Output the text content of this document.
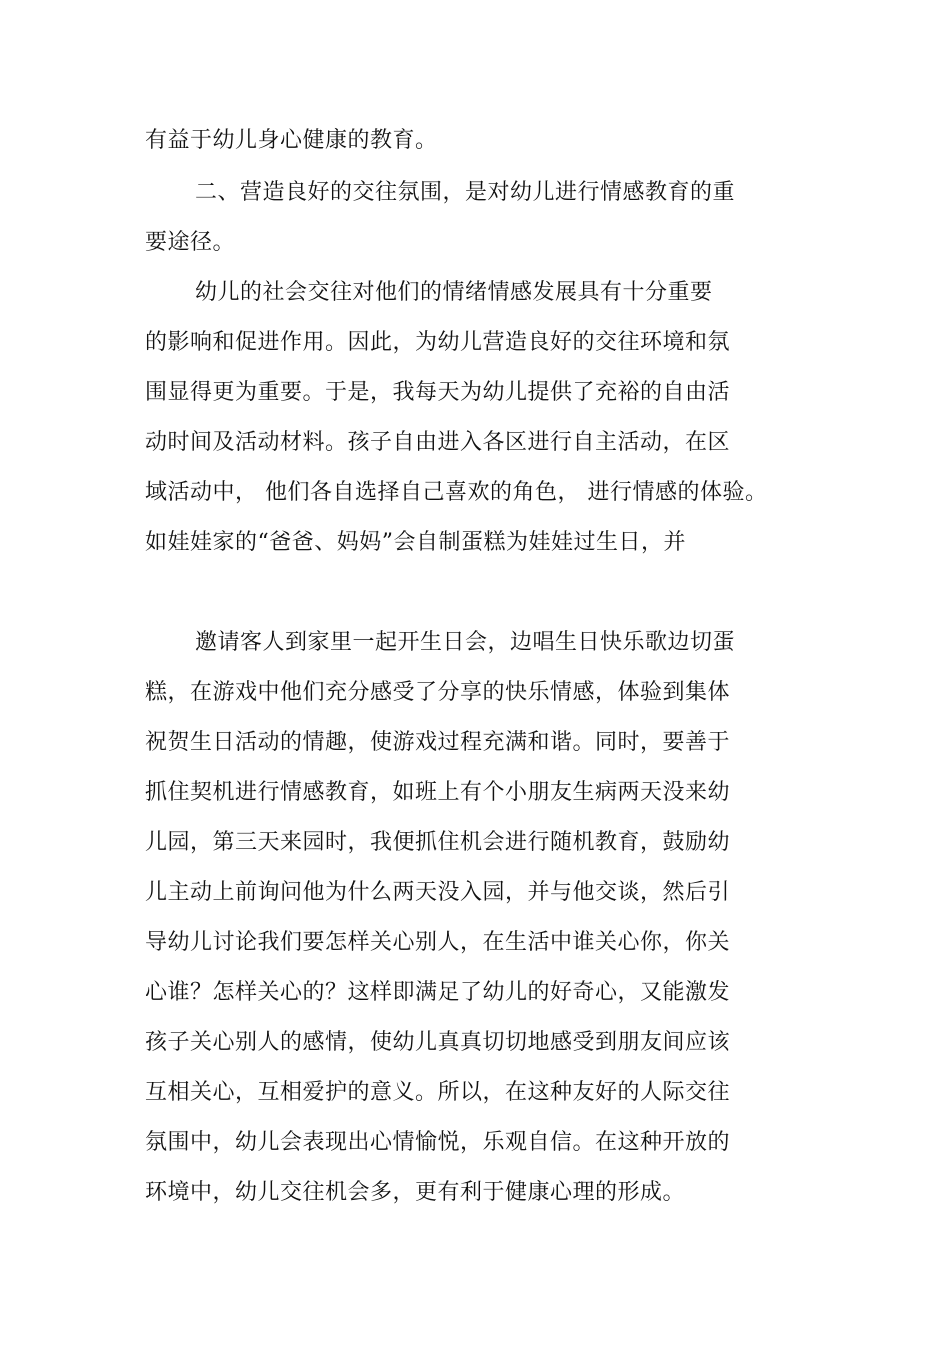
有益于幼儿身心健康的教育。
二、营造良好的交往氛围，是对幼儿进行情感教育的重
要途径。
幼儿的社会交往对他们的情绪情感发展具有十分重要
的影响和促进作用。因此，为幼儿营造良好的交往环境和氛
围显得更为重要。于是，我每天为幼儿提供了充裕的自由活
动时间及活动材料。孩子自由进入各区进行自主活动，在区
域活动中， 他们各自选择自己喜欢的角色， 进行情感的体验。
如娃娃家的“爸爸、妈妈”会自制蛋糕为娃娃过生日，并
邀请客人到家里一起开生日会，边唱生日快乐歌边切蛋
糕，在游戏中他们充分感受了分享的快乐情感，体验到集体
祝贺生日活动的情趣，使游戏过程充满和谐。同时，要善于
抓住契机进行情感教育，如班上有个小朋友生病两天没来幼
儿园，第三天来园时，我便抓住机会进行随机教育，鼓励幼
儿主动上前询问他为什么两天没入园，并与他交谈，然后引
导幼儿讨论我们要怎样关心别人，在生活中谁关心你，你关
心谁？怎样关心的？这样即满足了幼儿的好奇心，又能激发
孩子关心别人的感情，使幼儿真真切切地感受到朋友间应该
互相关心，互相爱护的意义。所以，在这种友好的人际交往
氛围中，幼儿会表现出心情愉悦，乐观自信。在这种开放的
环境中，幼儿交往机会多，更有利于健康心理的形成。
